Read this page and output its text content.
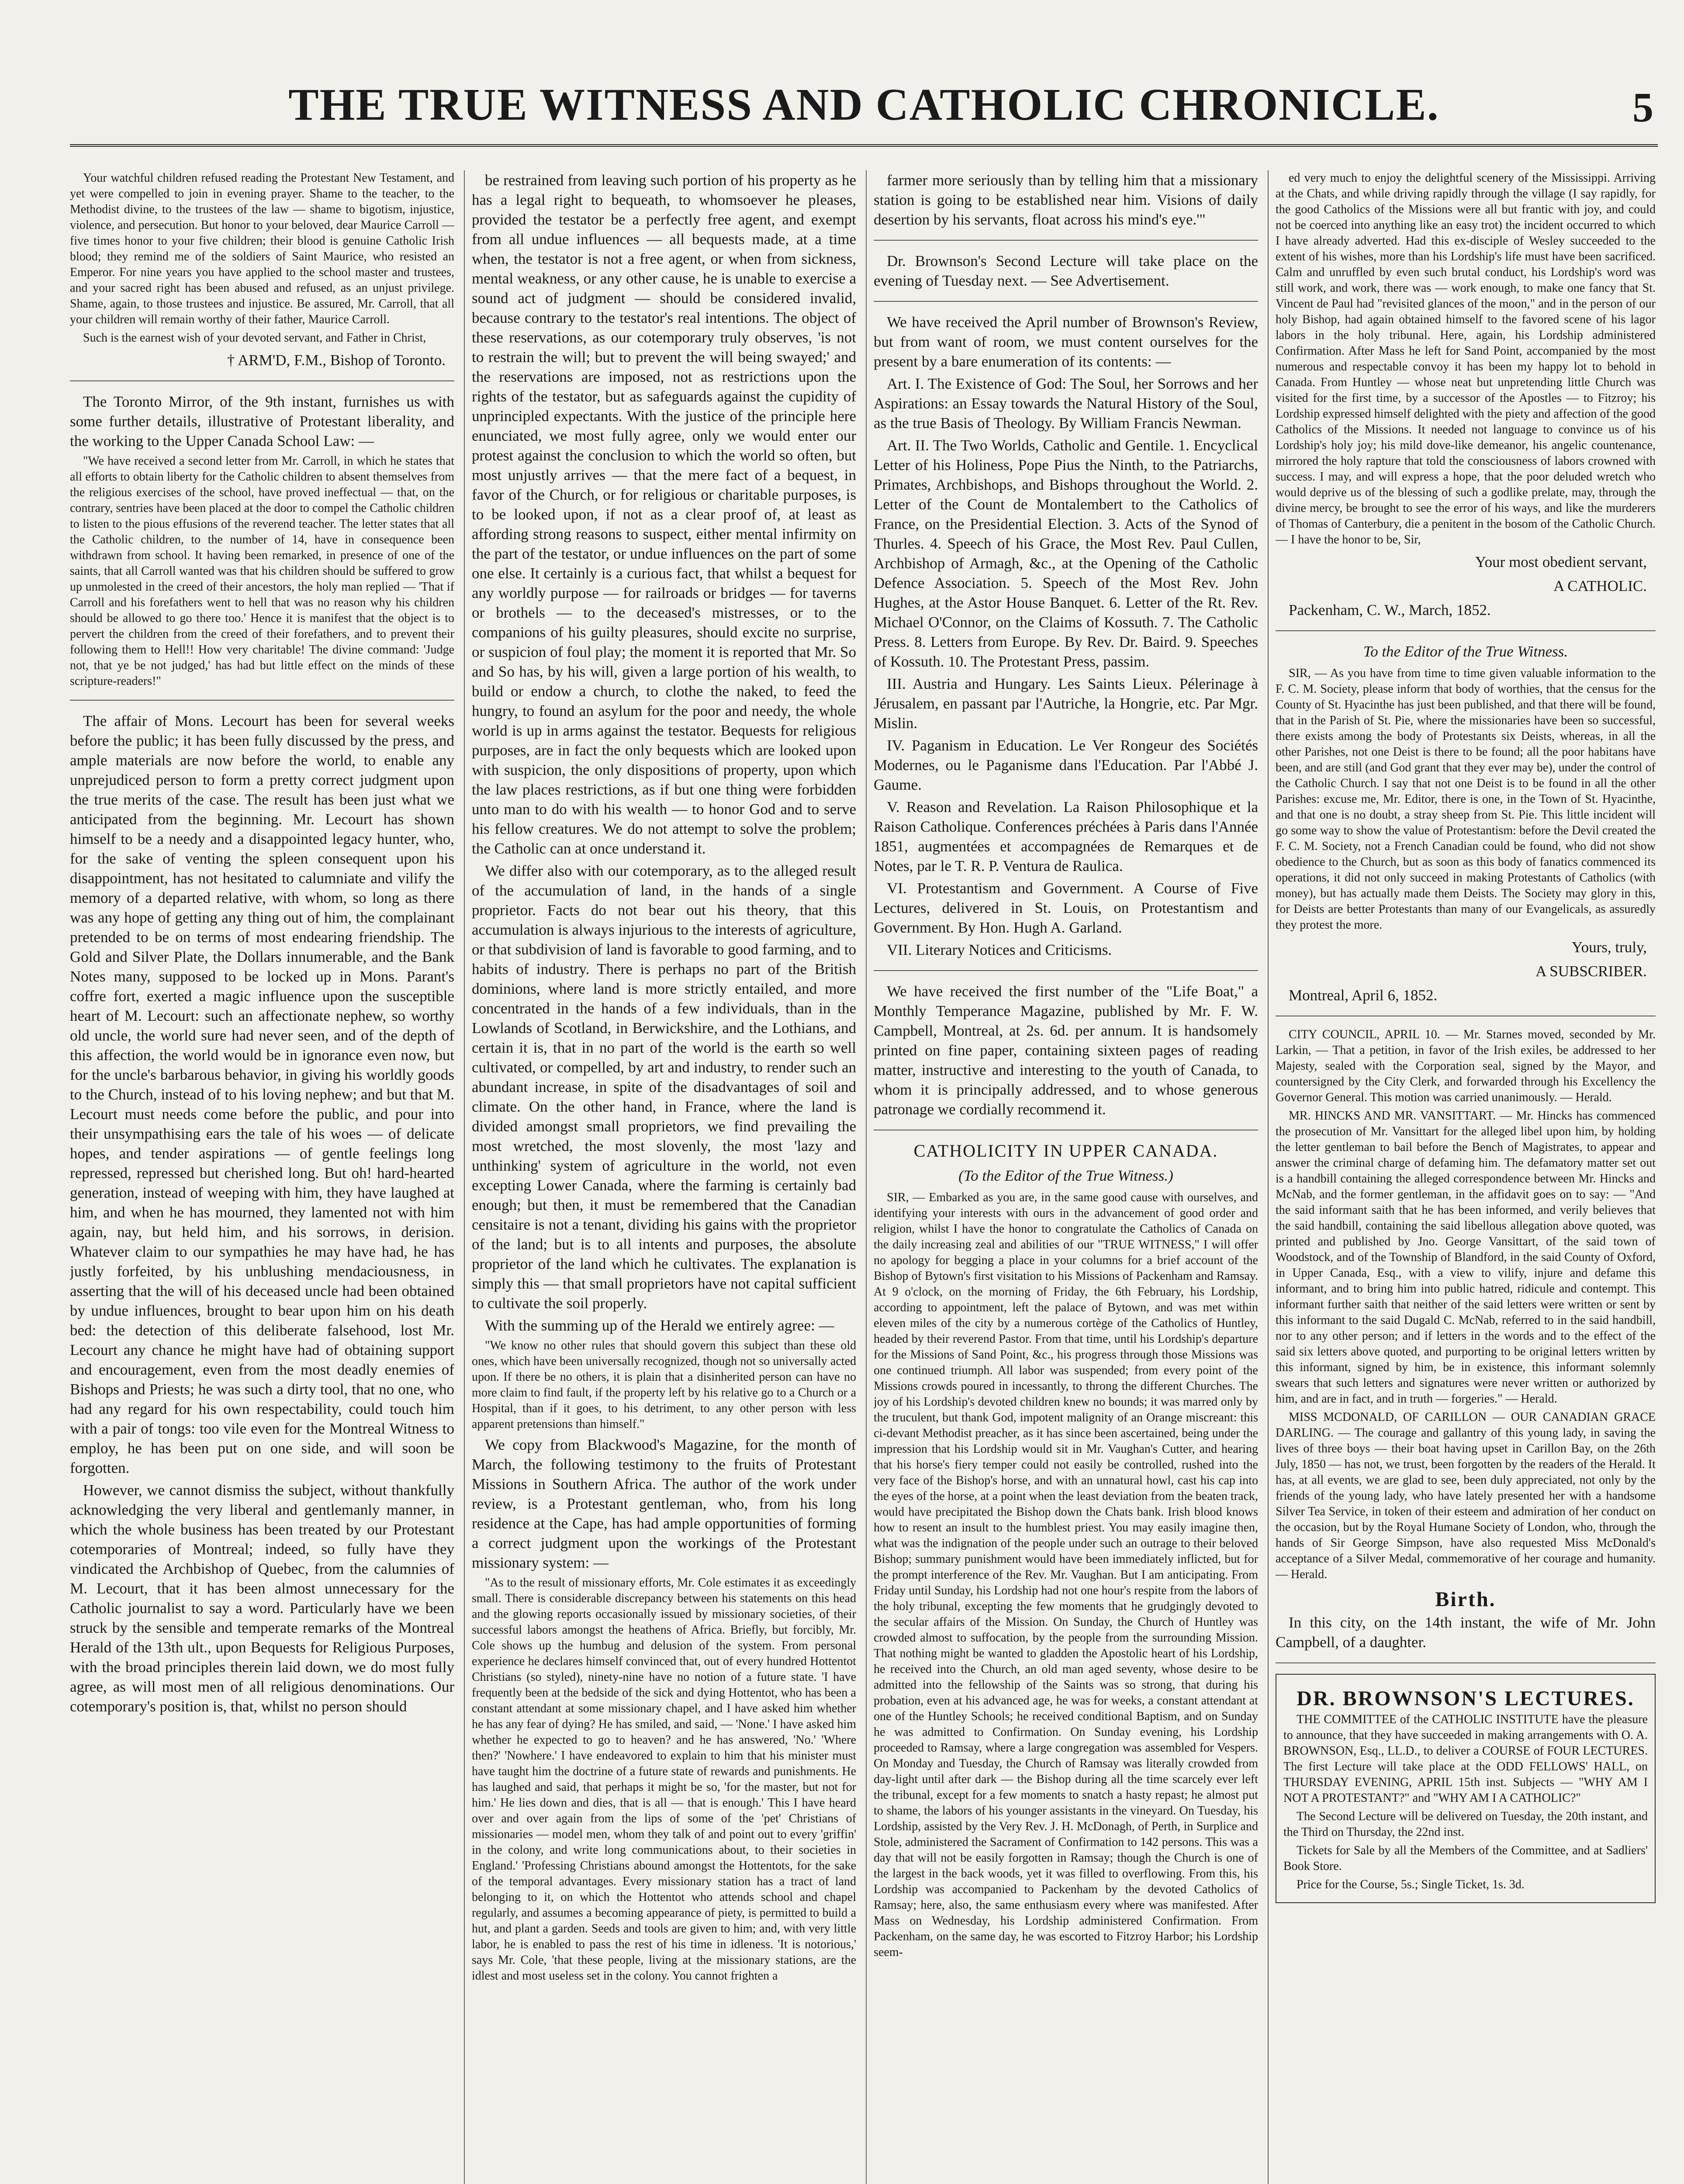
THE TRUE WITNESS AND CATHOLIC CHRONICLE.	5

Your watchful children refused reading the Protestant New Testament, and yet were compelled to join in evening prayer. Shame to the teacher, to the Methodist divine, to the trustees of the law — shame to bigotism, injustice, violence, and persecution. But honor to your beloved, dear Maurice Carroll — five times honor to your five children; their blood is genuine Catholic Irish blood; they remind me of the soldiers of Saint Maurice, who resisted an Emperor. For nine years you have applied to the school master and trustees, and your sacred right has been abused and refused, as an unjust privilege. Shame, again, to those trustees and injustice. Be assured, Mr. Carroll, that all your children will remain worthy of their father, Maurice Carroll.

Such is the earnest wish of your devoted servant, and Father in Christ,

† ARM'D, F.M., Bishop of Toronto.

The Toronto Mirror, of the 9th instant, furnishes us with some further details, illustrative of Protestant liberality, and the working to the Upper Canada School Law: —

"We have received a second letter from Mr. Carroll, in which he states that all efforts to obtain liberty for the Catholic children to absent themselves from the religious exercises of the school, have proved ineffectual — that, on the contrary, sentries have been placed at the door to compel the Catholic children to listen to the pious effusions of the reverend teacher. The letter states that all the Catholic children, to the number of 14, have in consequence been withdrawn from school. It having been remarked, in presence of one of the saints, that all Carroll wanted was that his children should be suffered to grow up unmolested in the creed of their ancestors, the holy man replied — 'That if Carroll and his forefathers went to hell that was no reason why his children should be allowed to go there too.' Hence it is manifest that the object is to pervert the children from the creed of their forefathers, and to prevent their following them to Hell!! How very charitable! The divine command: 'Judge not, that ye be not judged,' has had but little effect on the minds of these scripture-readers!"

The affair of Mons. Lecourt has been for several weeks before the public; it has been fully discussed by the press, and ample materials are now before the world, to enable any unprejudiced person to form a pretty correct judgment upon the true merits of the case. The result has been just what we anticipated from the beginning. Mr. Lecourt has shown himself to be a needy and a disappointed legacy hunter, who, for the sake of venting the spleen consequent upon his disappointment, has not hesitated to calumniate and vilify the memory of a departed relative, with whom, so long as there was any hope of getting any thing out of him, the complainant pretended to be on terms of most endearing friendship. The Gold and Silver Plate, the Dollars innumerable, and the Bank Notes many, supposed to be locked up in Mons. Parant's coffre fort, exerted a magic influence upon the susceptible heart of M. Lecourt: such an affectionate nephew, so worthy old uncle, the world sure had never seen, and of the depth of this affection, the world would be in ignorance even now, but for the uncle's barbarous behavior, in giving his worldly goods to the Church, instead of to his loving nephew; and but that M. Lecourt must needs come before the public, and pour into their unsympathising ears the tale of his woes — of delicate hopes, and tender aspirations — of gentle feelings long repressed, repressed but cherished long. But oh! hard-hearted generation, instead of weeping with him, they have laughed at him, and when he has mourned, they lamented not with him again, nay, but held him, and his sorrows, in derision. Whatever claim to our sympathies he may have had, he has justly forfeited, by his unblushing mendaciousness, in asserting that the will of his deceased uncle had been obtained by undue influences, brought to bear upon him on his death bed: the detection of this deliberate falsehood, lost Mr. Lecourt any chance he might have had of obtaining support and encouragement, even from the most deadly enemies of Bishops and Priests; he was such a dirty tool, that no one, who had any regard for his own respectability, could touch him with a pair of tongs: too vile even for the Montreal Witness to employ, he has been put on one side, and will soon be forgotten.

However, we cannot dismiss the subject, without thankfully acknowledging the very liberal and gentlemanly manner, in which the whole business has been treated by our Protestant cotemporaries of Montreal; indeed, so fully have they vindicated the Archbishop of Quebec, from the calumnies of M. Lecourt, that it has been almost unnecessary for the Catholic journalist to say a word. Particularly have we been struck by the sensible and temperate remarks of the Montreal Herald of the 13th ult., upon Bequests for Religious Purposes, with the broad principles therein laid down, we do most fully agree, as will most men of all religious denominations. Our cotemporary's position is, that, whilst no person should

be restrained from leaving such portion of his property as he has a legal right to bequeath, to whomsoever he pleases, provided the testator be a perfectly free agent, and exempt from all undue influences — all bequests made, at a time when, the testator is not a free agent, or when from sickness, mental weakness, or any other cause, he is unable to exercise a sound act of judgment — should be considered invalid, because contrary to the testator's real intentions. The object of these reservations, as our cotemporary truly observes, 'is not to restrain the will; but to prevent the will being swayed;' and the reservations are imposed, not as restrictions upon the rights of the testator, but as safeguards against the cupidity of unprincipled expectants. With the justice of the principle here enunciated, we most fully agree, only we would enter our protest against the conclusion to which the world so often, but most unjustly arrives — that the mere fact of a bequest, in favor of the Church, or for religious or charitable purposes, is to be looked upon, if not as a clear proof of, at least as affording strong reasons to suspect, either mental infirmity on the part of the testator, or undue influences on the part of some one else. It certainly is a curious fact, that whilst a bequest for any worldly purpose — for railroads or bridges — for taverns or brothels — to the deceased's mistresses, or to the companions of his guilty pleasures, should excite no surprise, or suspicion of foul play; the moment it is reported that Mr. So and So has, by his will, given a large portion of his wealth, to build or endow a church, to clothe the naked, to feed the hungry, to found an asylum for the poor and needy, the whole world is up in arms against the testator. Bequests for religious purposes, are in fact the only bequests which are looked upon with suspicion, the only dispositions of property, upon which the law places restrictions, as if but one thing were forbidden unto man to do with his wealth — to honor God and to serve his fellow creatures. We do not attempt to solve the problem; the Catholic can at once understand it.

We differ also with our cotemporary, as to the alleged result of the accumulation of land, in the hands of a single proprietor. Facts do not bear out his theory, that this accumulation is always injurious to the interests of agriculture, or that subdivision of land is favorable to good farming, and to habits of industry. There is perhaps no part of the British dominions, where land is more strictly entailed, and more concentrated in the hands of a few individuals, than in the Lowlands of Scotland, in Berwickshire, and the Lothians, and certain it is, that in no part of the world is the earth so well cultivated, or compelled, by art and industry, to render such an abundant increase, in spite of the disadvantages of soil and climate. On the other hand, in France, where the land is divided amongst small proprietors, we find prevailing the most wretched, the most slovenly, the most 'lazy and unthinking' system of agriculture in the world, not even excepting Lower Canada, where the farming is certainly bad enough; but then, it must be remembered that the Canadian censitaire is not a tenant, dividing his gains with the proprietor of the land; but is to all intents and purposes, the absolute proprietor of the land which he cultivates. The explanation is simply this — that small proprietors have not capital sufficient to cultivate the soil properly.

With the summing up of the Herald we entirely agree: —

"We know no other rules that should govern this subject than these old ones, which have been universally recognized, though not so universally acted upon. If there be no others, it is plain that a disinherited person can have no more claim to find fault, if the property left by his relative go to a Church or a Hospital, than if it goes, to his detriment, to any other person with less apparent pretensions than himself."

We copy from Blackwood's Magazine, for the month of March, the following testimony to the fruits of Protestant Missions in Southern Africa. The author of the work under review, is a Protestant gentleman, who, from his long residence at the Cape, has had ample opportunities of forming a correct judgment upon the workings of the Protestant missionary system: —

"As to the result of missionary efforts, Mr. Cole estimates it as exceedingly small. There is considerable discrepancy between his statements on this head and the glowing reports occasionally issued by missionary societies, of their successful labors amongst the heathens of Africa. Briefly, but forcibly, Mr. Cole shows up the humbug and delusion of the system. From personal experience he declares himself convinced that, out of every hundred Hottentot Christians (so styled), ninety-nine have no notion of a future state. 'I have frequently been at the bedside of the sick and dying Hottentot, who has been a constant attendant at some missionary chapel, and I have asked him whether he has any fear of dying? He has smiled, and said, — 'None.' I have asked him whether he expected to go to heaven? and he has answered, 'No.' 'Where then?' 'Nowhere.' I have endeavored to explain to him that his minister must have taught him the doctrine of a future state of rewards and punishments. He has laughed and said, that perhaps it might be so, 'for the master, but not for him.' He lies down and dies, that is all — that is enough.' This I have heard over and over again from the lips of some of the 'pet' Christians of missionaries — model men, whom they talk of and point out to every 'griffin' in the colony, and write long communications about, to their societies in England.' 'Professing Christians abound amongst the Hottentots, for the sake of the temporal advantages. Every missionary station has a tract of land belonging to it, on which the Hottentot who attends school and chapel regularly, and assumes a becoming appearance of piety, is permitted to build a hut, and plant a garden. Seeds and tools are given to him; and, with very little labor, he is enabled to pass the rest of his time in idleness. 'It is notorious,' says Mr. Cole, 'that these people, living at the missionary stations, are the idlest and most useless set in the colony. You cannot frighten a

farmer more seriously than by telling him that a missionary station is going to be established near him. Visions of daily desertion by his servants, float across his mind's eye.'"

Dr. Brownson's Second Lecture will take place on the evening of Tuesday next. — See Advertisement.

We have received the April number of Brownson's Review, but from want of room, we must content ourselves for the present by a bare enumeration of its contents: —

Art. I. The Existence of God: The Soul, her Sorrows and her Aspirations: an Essay towards the Natural History of the Soul, as the true Basis of Theology. By William Francis Newman.

Art. II. The Two Worlds, Catholic and Gentile. 1. Encyclical Letter of his Holiness, Pope Pius the Ninth, to the Patriarchs, Primates, Archbishops, and Bishops throughout the World. 2. Letter of the Count de Montalembert to the Catholics of France, on the Presidential Election. 3. Acts of the Synod of Thurles. 4. Speech of his Grace, the Most Rev. Paul Cullen, Archbishop of Armagh, &c., at the Opening of the Catholic Defence Association. 5. Speech of the Most Rev. John Hughes, at the Astor House Banquet. 6. Letter of the Rt. Rev. Michael O'Connor, on the Claims of Kossuth. 7. The Catholic Press. 8. Letters from Europe. By Rev. Dr. Baird. 9. Speeches of Kossuth. 10. The Protestant Press, passim.

III. Austria and Hungary. Les Saints Lieux. Pélerinage à Jérusalem, en passant par l'Autriche, la Hongrie, etc. Par Mgr. Mislin.

IV. Paganism in Education. Le Ver Rongeur des Sociétés Modernes, ou le Paganisme dans l'Education. Par l'Abbé J. Gaume.

V. Reason and Revelation. La Raison Philosophique et la Raison Catholique. Conferences préchées à Paris dans l'Année 1851, augmentées et accompagnées de Remarques et de Notes, par le T. R. P. Ventura de Raulica.

VI. Protestantism and Government. A Course of Five Lectures, delivered in St. Louis, on Protestantism and Government. By Hon. Hugh A. Garland.

VII. Literary Notices and Criticisms.

We have received the first number of the "Life Boat," a Monthly Temperance Magazine, published by Mr. F. W. Campbell, Montreal, at 2s. 6d. per annum. It is handsomely printed on fine paper, containing sixteen pages of reading matter, instructive and interesting to the youth of Canada, to whom it is principally addressed, and to whose generous patronage we cordially recommend it.

CATHOLICITY IN UPPER CANADA.
(To the Editor of the True Witness.)

SIR, — Embarked as you are, in the same good cause with ourselves, and identifying your interests with ours in the advancement of good order and religion, whilst I have the honor to congratulate the Catholics of Canada on the daily increasing zeal and abilities of our "TRUE WITNESS," I will offer no apology for begging a place in your columns for a brief account of the Bishop of Bytown's first visitation to his Missions of Packenham and Ramsay. At 9 o'clock, on the morning of Friday, the 6th February, his Lordship, according to appointment, left the palace of Bytown, and was met within eleven miles of the city by a numerous cortège of the Catholics of Huntley, headed by their reverend Pastor. From that time, until his Lordship's departure for the Missions of Sand Point, &c., his progress through those Missions was one continued triumph. All labor was suspended; from every point of the Missions crowds poured in incessantly, to throng the different Churches. The joy of his Lordship's devoted children knew no bounds; it was marred only by the truculent, but thank God, impotent malignity of an Orange miscreant: this ci-devant Methodist preacher, as it has since been ascertained, being under the impression that his Lordship would sit in Mr. Vaughan's Cutter, and hearing that his horse's fiery temper could not easily be controlled, rushed into the very face of the Bishop's horse, and with an unnatural howl, cast his cap into the eyes of the horse, at a point when the least deviation from the beaten track, would have precipitated the Bishop down the Chats bank. Irish blood knows how to resent an insult to the humblest priest. You may easily imagine then, what was the indignation of the people under such an outrage to their beloved Bishop; summary punishment would have been immediately inflicted, but for the prompt interference of the Rev. Mr. Vaughan. But I am anticipating. From Friday until Sunday, his Lordship had not one hour's respite from the labors of the holy tribunal, excepting the few moments that he grudgingly devoted to the secular affairs of the Mission. On Sunday, the Church of Huntley was crowded almost to suffocation, by the people from the surrounding Mission. That nothing might be wanted to gladden the Apostolic heart of his Lordship, he received into the Church, an old man aged seventy, whose desire to be admitted into the fellowship of the Saints was so strong, that during his probation, even at his advanced age, he was for weeks, a constant attendant at one of the Huntley Schools; he received conditional Baptism, and on Sunday he was admitted to Confirmation. On Sunday evening, his Lordship proceeded to Ramsay, where a large congregation was assembled for Vespers. On Monday and Tuesday, the Church of Ramsay was literally crowded from day-light until after dark — the Bishop during all the time scarcely ever left the tribunal, except for a few moments to snatch a hasty repast; he almost put to shame, the labors of his younger assistants in the vineyard. On Tuesday, his Lordship, assisted by the Very Rev. J. H. McDonagh, of Perth, in Surplice and Stole, administered the Sacrament of Confirmation to 142 persons. This was a day that will not be easily forgotten in Ramsay; though the Church is one of the largest in the back woods, yet it was filled to overflowing. From this, his Lordship was accompanied to Packenham by the devoted Catholics of Ramsay; here, also, the same enthusiasm every where was manifested. After Mass on Wednesday, his Lordship administered Confirmation. From Packenham, on the same day, he was escorted to Fitzroy Harbor; his Lordship seem-

ed very much to enjoy the delightful scenery of the Mississippi. Arriving at the Chats, and while driving rapidly through the village (I say rapidly, for the good Catholics of the Missions were all but frantic with joy, and could not be coerced into anything like an easy trot) the incident occurred to which I have already adverted. Had this ex-disciple of Wesley succeeded to the extent of his wishes, more than his Lordship's life must have been sacrificed. Calm and unruffled by even such brutal conduct, his Lordship's word was still work, and work, there was — work enough, to make one fancy that St. Vincent de Paul had "revisited glances of the moon," and in the person of our holy Bishop, had again obtained himself to the favored scene of his lagor labors in the holy tribunal. Here, again, his Lordship administered Confirmation. After Mass he left for Sand Point, accompanied by the most numerous and respectable convoy it has been my happy lot to behold in Canada. From Huntley — whose neat but unpretending little Church was visited for the first time, by a successor of the Apostles — to Fitzroy; his Lordship expressed himself delighted with the piety and affection of the good Catholics of the Missions. It needed not language to convince us of his Lordship's holy joy; his mild dove-like demeanor, his angelic countenance, mirrored the holy rapture that told the consciousness of labors crowned with success. I may, and will express a hope, that the poor deluded wretch who would deprive us of the blessing of such a godlike prelate, may, through the divine mercy, be brought to see the error of his ways, and like the murderers of Thomas of Canterbury, die a penitent in the bosom of the Catholic Church. — I have the honor to be, Sir,

Your most obedient servant,
A CATHOLIC.

Packenham, C. W., March, 1852.

To the Editor of the True Witness.

SIR, — As you have from time to time given valuable information to the F. C. M. Society, please inform that body of worthies, that the census for the County of St. Hyacinthe has just been published, and that there will be found, that in the Parish of St. Pie, where the missionaries have been so successful, there exists among the body of Protestants six Deists, whereas, in all the other Parishes, not one Deist is there to be found; all the poor habitans have been, and are still (and God grant that they ever may be), under the control of the Catholic Church. I say that not one Deist is to be found in all the other Parishes: excuse me, Mr. Editor, there is one, in the Town of St. Hyacinthe, and that one is no doubt, a stray sheep from St. Pie. This little incident will go some way to show the value of Protestantism: before the Devil created the F. C. M. Society, not a French Canadian could be found, who did not show obedience to the Church, but as soon as this body of fanatics commenced its operations, it did not only succeed in making Protestants of Catholics (with money), but has actually made them Deists. The Society may glory in this, for Deists are better Protestants than many of our Evangelicals, as assuredly they protest the more.

Yours, truly,
A SUBSCRIBER.

Montreal, April 6, 1852.

CITY COUNCIL, APRIL 10. — Mr. Starnes moved, seconded by Mr. Larkin, — That a petition, in favor of the Irish exiles, be addressed to her Majesty, sealed with the Corporation seal, signed by the Mayor, and countersigned by the City Clerk, and forwarded through his Excellency the Governor General. This motion was carried unanimously. — Herald.

MR. HINCKS AND MR. VANSITTART. — Mr. Hincks has commenced the prosecution of Mr. Vansittart for the alleged libel upon him, by holding the letter gentleman to bail before the Bench of Magistrates, to appear and answer the criminal charge of defaming him. The defamatory matter set out is a handbill containing the alleged correspondence between Mr. Hincks and McNab, and the former gentleman, in the affidavit goes on to say: — "And the said informant saith that he has been informed, and verily believes that the said handbill, containing the said libellous allegation above quoted, was printed and published by Jno. George Vansittart, of the said town of Woodstock, and of the Township of Blandford, in the said County of Oxford, in Upper Canada, Esq., with a view to vilify, injure and defame this informant, and to bring him into public hatred, ridicule and contempt. This informant further saith that neither of the said letters were written or sent by this informant to the said Dugald C. McNab, referred to in the said handbill, nor to any other person; and if letters in the words and to the effect of the said six letters above quoted, and purporting to be original letters written by this informant, signed by him, be in existence, this informant solemnly swears that such letters and signatures were never written or authorized by him, and are in fact, and in truth — forgeries." — Herald.

MISS MCDONALD, OF CARILLON — OUR CANADIAN GRACE DARLING. — The courage and gallantry of this young lady, in saving the lives of three boys — their boat having upset in Carillon Bay, on the 26th July, 1850 — has not, we trust, been forgotten by the readers of the Herald. It has, at all events, we are glad to see, been duly appreciated, not only by the friends of the young lady, who have lately presented her with a handsome Silver Tea Service, in token of their esteem and admiration of her conduct on the occasion, but by the Royal Humane Society of London, who, through the hands of Sir George Simpson, have also requested Miss McDonald's acceptance of a Silver Medal, commemorative of her courage and humanity. — Herald.

Birth.

In this city, on the 14th instant, the wife of Mr. John Campbell, of a daughter.

DR. BROWNSON'S LECTURES.

THE COMMITTEE of the CATHOLIC INSTITUTE have the pleasure to announce, that they have succeeded in making arrangements with O. A. BROWNSON, Esq., LL.D., to deliver a COURSE of FOUR LECTURES. The first Lecture will take place at the ODD FELLOWS' HALL, on THURSDAY EVENING, APRIL 15th inst. Subjects — "WHY AM I NOT A PROTESTANT?" and "WHY AM I A CATHOLIC?"

The Second Lecture will be delivered on Tuesday, the 20th instant, and the Third on Thursday, the 22nd inst.

Tickets for Sale by all the Members of the Committee, and at Sadliers' Book Store.

Price for the Course, 5s.; Single Ticket, 1s. 3d.
